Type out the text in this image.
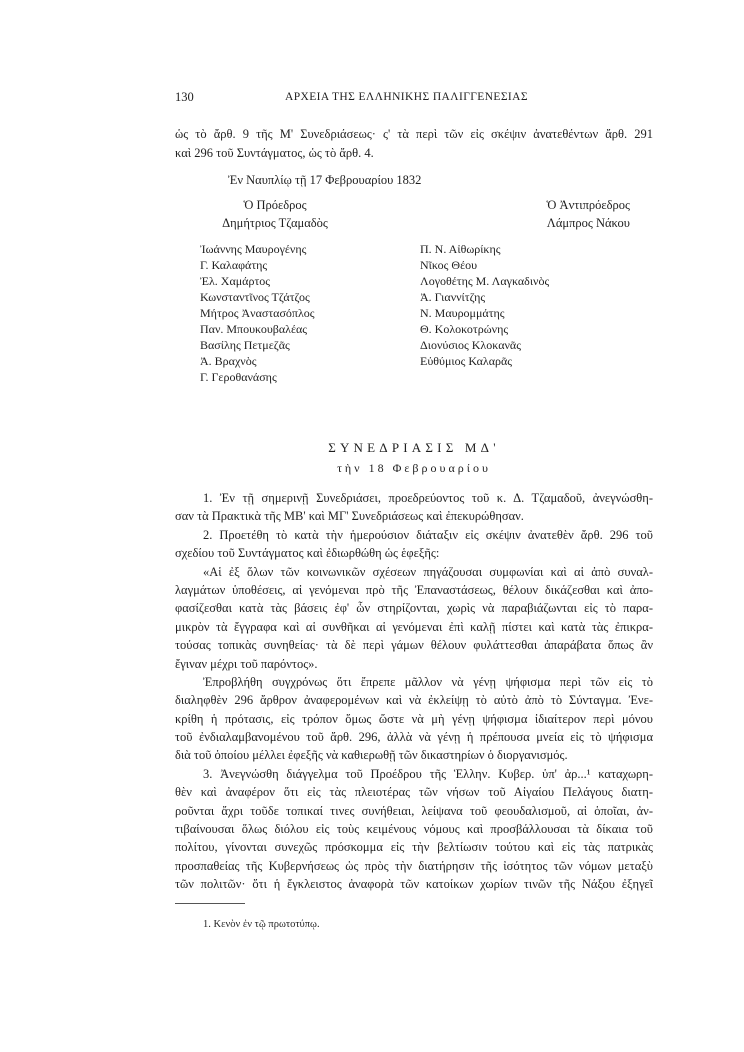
130	ΑΡΧΕΙΑ ΤΗΣ ΕΛΛΗΝΙΚΗΣ ΠΑΛΙΓΓΕΝΕΣΙΑΣ
ὡς τὸ ἄρθ. 9 τῆς Μ' Συνεδριάσεως· ς' τὰ περὶ τῶν εἰς σκέψιν ἀνατεθέντων ἄρθ. 291
καὶ 296 τοῦ Συντάγματος, ὡς τὸ ἄρθ. 4.
Ἐν Ναυπλίῳ τῇ 17 Φεβρουαρίου 1832
Ὁ Πρόεδρος
Δημήτριος Τζαμαδὸς
Ὁ Ἀντιπρόεδρος
Λάμπρος Νάκου
Ἰωάννης Μαυρογένης
Γ. Καλαφάτης
Ἐλ. Χαμάρτος
Κωνσταντῖνος Τζάτζος
Μήτρος Ἀναστασόπλος
Παν. Μπουκουβαλέας
Βασίλης Πετμεζᾶς
Ἀ. Βραχνὸς
Γ. Γεροθανάσης
Π. Ν. Αἰθωρίκης
Νῖκος Θέου
Λογοθέτης Μ. Λαγκαδινὸς
Ἀ. Γιαννίτζης
Ν. Μαυρομμάτης
Θ. Κολοκοτρώνης
Διονύσιος Κλοκανᾶς
Εὐθύμιος Καλαρᾶς
ΣΥΝΕΔΡΙΑΣΙΣ ΜΔ'
τὴν 18 Φεβρουαρίου
1. Ἐν τῇ σημερινῇ Συνεδριάσει, προεδρεύοντος τοῦ κ. Δ. Τζαμαδοῦ, ἀνεγνώσθη-
σαν τὰ Πρακτικὰ τῆς ΜΒ' καὶ ΜΓ' Συνεδριάσεως καὶ ἐπεκυρώθησαν.
2. Προετέθη τὸ κατὰ τὴν ἡμερούσιον διάταξιν εἰς σκέψιν ἀνατεθὲν ἄρθ. 296 τοῦ
σχεδίου τοῦ Συντάγματος καὶ ἐδιωρθώθη ὡς ἑφεξῆς:
«Αἱ ἐξ ὅλων τῶν κοινωνικῶν σχέσεων πηγάζουσαι συμφωνίαι καὶ αἱ ἀπὸ συναλ-
λαγμάτων ὑποθέσεις, αἱ γενόμεναι πρὸ τῆς Ἐπαναστάσεως, θέλουν δικάζεσθαι καὶ ἀπο-
φασίζεσθαι κατὰ τὰς βάσεις ἐφ' ὧν στηρίζονται, χωρὶς νὰ παραβιάζωνται εἰς τὸ παρα-
μικρὸν τὰ ἔγγραφα καὶ αἱ συνθῆκαι αἱ γενόμεναι ἐπὶ καλῇ πίστει καὶ κατὰ τὰς ἐπικρα-
τούσας τοπικὰς συνηθείας· τὰ δὲ περὶ γάμων θέλουν φυλάττεσθαι ἀπαράβατα ὅπως ἂν
ἔγιναν μέχρι τοῦ παρόντος».
Ἐπροβλήθη συγχρόνως ὅτι ἔπρεπε μᾶλλον νὰ γένῃ ψήφισμα περὶ τῶν εἰς τὸ
διαληφθὲν 296 ἄρθρον ἀναφερομένων καὶ νὰ ἐκλείψῃ τὸ αὐτὸ ἀπὸ τὸ Σύνταγμα. Ἐνε-
κρίθη ἡ πρότασις, εἰς τρόπον ὅμως ὥστε νὰ μὴ γένῃ ψήφισμα ἰδιαίτερον περὶ μόνου
τοῦ ἐνδιαλαμβανομένου τοῦ ἄρθ. 296, ἀλλὰ νὰ γένῃ ἡ πρέπουσα μνεία εἰς τὸ ψήφισμα
διὰ τοῦ ὁποίου μέλλει ἐφεξῆς νὰ καθιερωθῇ τῶν δικαστηρίων ὁ διοργανισμός.
3. Ἀνεγνώσθη διάγγελμα τοῦ Προέδρου τῆς Ἑλλην. Κυβερ. ὑπ' ἀρ...¹ καταχωρη-
θὲν καὶ ἀναφέρον ὅτι εἰς τὰς πλειοτέρας τῶν νήσων τοῦ Αἰγαίου Πελάγους διατη-
ροῦνται ἄχρι τοῦδε τοπικαί τινες συνήθειαι, λείψανα τοῦ φεουδαλισμοῦ, αἱ ὁποῖαι, ἀν-
τιβαίνουσαι ὅλως διόλου εἰς τοὺς κειμένους νόμους καὶ προσβάλλουσαι τὰ δίκαια τοῦ
πολίτου, γίνονται συνεχῶς πρόσκομμα εἰς τὴν βελτίωσιν τούτου καὶ εἰς τὰς πατρικὰς
προσπαθείας τῆς Κυβερνήσεως ὡς πρὸς τὴν διατήρησιν τῆς ἰσότητος τῶν νόμων μεταξὺ
τῶν πολιτῶν· ὅτι ἡ ἔγκλειστος ἀναφορὰ τῶν κατοίκων χωρίων τινῶν τῆς Νάξου ἐξηγεῖ
1. Κενὸν ἐν τῷ πρωτοτύπῳ.
